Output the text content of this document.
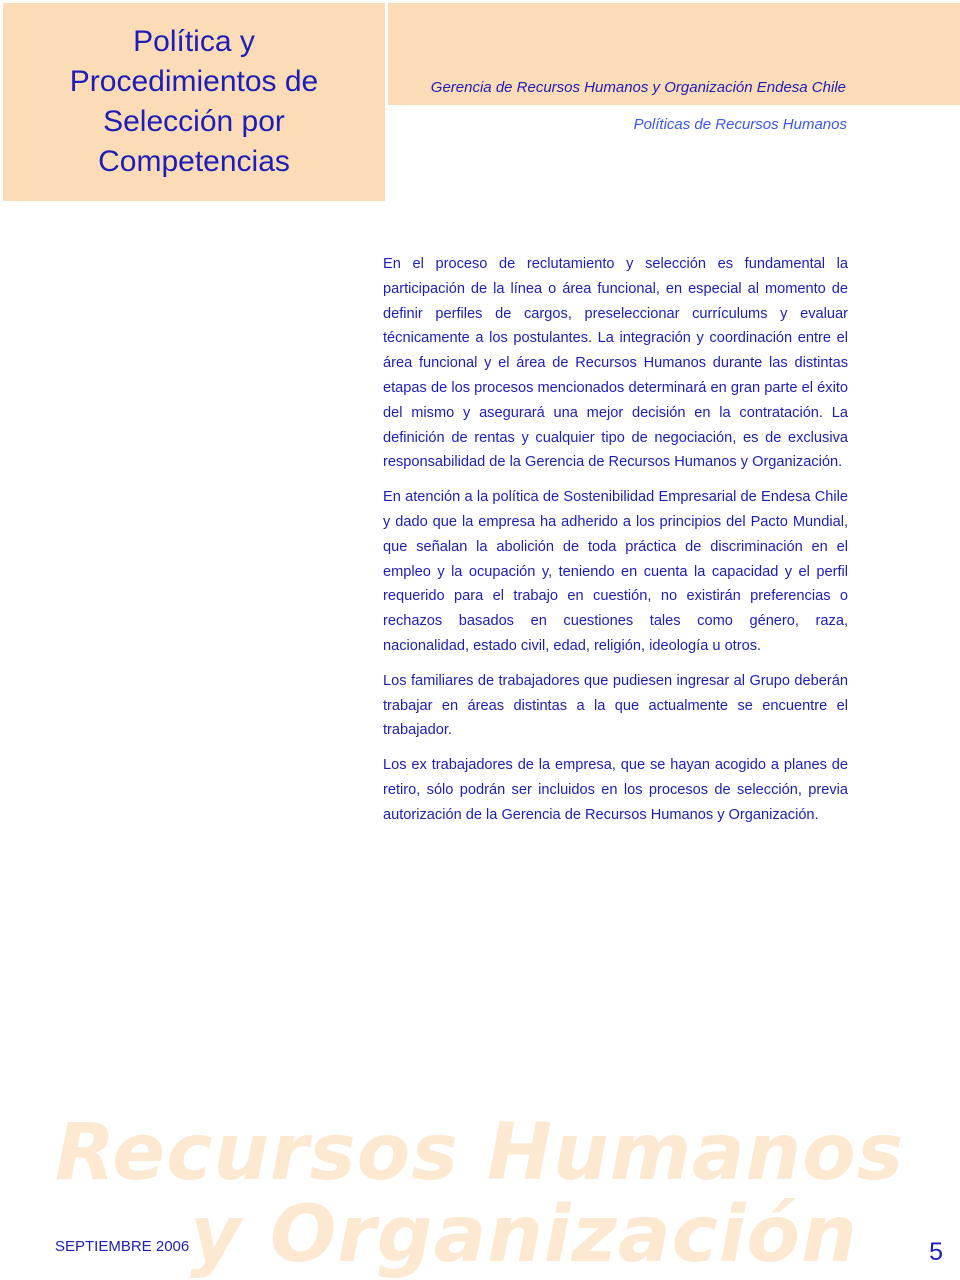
Política y
Procedimientos de
Selección por
Competencias
Gerencia de Recursos Humanos y Organización Endesa Chile
Políticas de Recursos Humanos
Recursos Humanos
y Organización

En el proceso de reclutamiento y selección es fundamental la participación de la línea o área funcional, en especial al momento de definir perfiles de cargos, preseleccionar currículums y evaluar técnicamente a los postulantes. La integración y coordinación entre el área funcional y el área de Recursos Humanos durante las distintas etapas de los procesos mencionados determinará en gran parte el éxito del mismo y asegurará una mejor decisión en la contratación. La definición de rentas y cualquier tipo de negociación, es de exclusiva responsabilidad de la Gerencia de Recursos Humanos y Organización.

En atención a la política de Sostenibilidad Empresarial de Endesa Chile y dado que la empresa ha adherido a los principios del Pacto Mundial, que señalan la abolición de toda práctica de discriminación en el empleo y la ocupación y, teniendo en cuenta la capacidad y el perfil requerido para el trabajo en cuestión, no existirán preferencias o rechazos basados en cuestiones tales como género, raza, nacionalidad, estado civil, edad, religión, ideología u otros.

Los familiares de trabajadores que pudiesen ingresar al Grupo deberán trabajar en áreas distintas a la que actualmente se encuentre el trabajador.

Los ex trabajadores de la empresa, que se hayan acogido a planes de retiro, sólo podrán ser incluidos en los procesos de selección, previa autorización de la Gerencia de Recursos Humanos y Organización.

SEPTIEMBRE 2006	5
